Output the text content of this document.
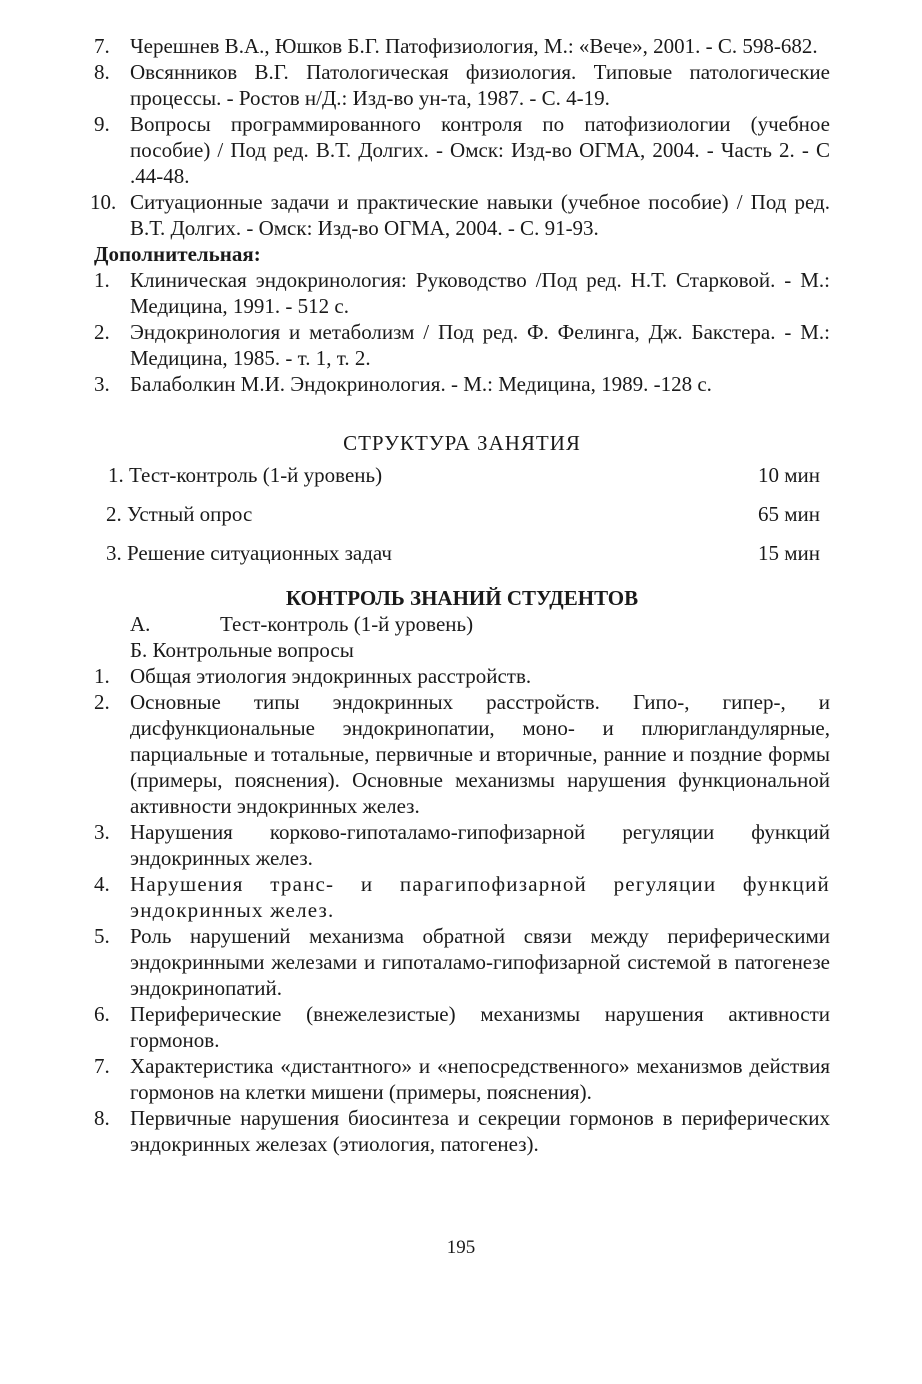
7. Черешнев В.А., Юшков Б.Г. Патофизиология, М.: «Вече», 2001. - С. 598-682.
8. Овсянников В.Г. Патологическая физиология. Типовые патологические процессы. - Ростов н/Д.: Изд-во ун-та, 1987. - С. 4-19.
9. Вопросы программированного контроля по патофизиологии (учебное пособие) / Под ред. В.Т. Долгих. - Омск: Изд-во ОГМА, 2004. - Часть 2. - С .44-48.
10. Ситуационные задачи и практические навыки (учебное пособие) / Под ред. В.Т. Долгих. - Омск: Изд-во ОГМА, 2004. - С. 91-93.

Дополнительная:

1. Клиническая эндокринология: Руководство /Под ред. Н.Т. Старковой. - М.: Медицина, 1991. - 512 с.
2. Эндокринология и метаболизм / Под ред. Ф. Фелинга, Дж. Бакстера. - М.: Медицина, 1985. - т. 1, т. 2.
3. Балаболкин М.И. Эндокринология. - М.: Медицина, 1989. -128 с.

СТРУКТУРА ЗАНЯТИЯ

1. Тест-контроль (1-й уровень)	10 мин
2. Устный опрос	65 мин
3. Решение ситуационных задач	15 мин

КОНТРОЛЬ ЗНАНИЙ СТУДЕНТОВ

А.	Тест-контроль (1-й уровень)
Б. Контрольные вопросы
1. Общая этиология эндокринных расстройств.
2. Основные типы эндокринных расстройств. Гипо-, гипер-, и дисфункциональные эндокринопатии, моно- и плюригландулярные, парциальные и тотальные, первичные и вторичные, ранние и поздние формы (примеры, пояснения). Основные механизмы нарушения функциональной активности эндокринных желез.
3. Нарушения корково-гипоталамо-гипофизарной регуляции функций эндокринных желез.
4. Нарушения транс- и парагипофизарной регуляции функций эндокринных желез.
5. Роль нарушений механизма обратной связи между периферическими эндокринными железами и гипоталамо-гипофизарной системой в патогенезе эндокринопатий.
6. Периферические (внежелезистые) механизмы нарушения активности гормонов.
7. Характеристика «дистантного» и «непосредственного» механизмов действия гормонов на клетки мишени (примеры, пояснения).
8. Первичные нарушения биосинтеза и секреции гормонов в периферических эндокринных железах (этиология, патогенез).
195
